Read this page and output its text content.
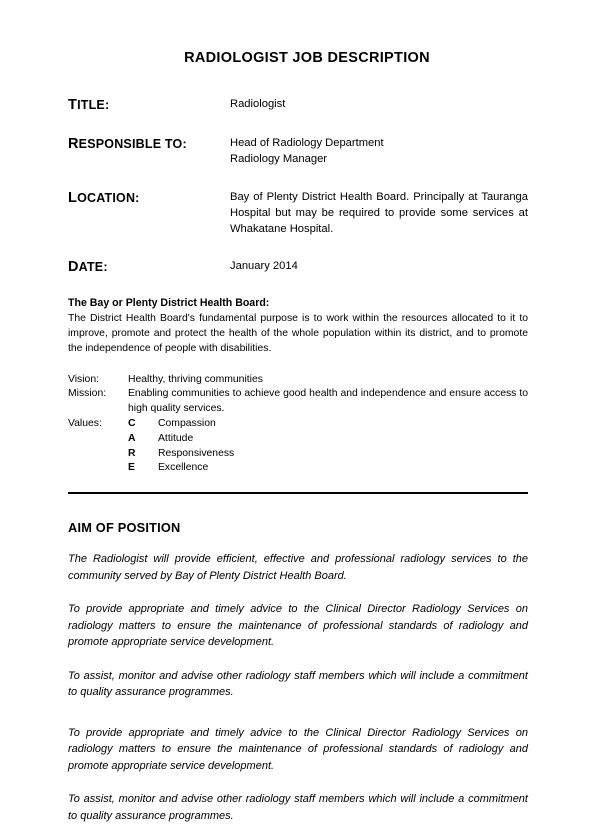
RADIOLOGIST JOB DESCRIPTION
TITLE:	Radiologist
RESPONSIBLE TO:	Head of Radiology Department
Radiology Manager
LOCATION:	Bay of Plenty District Health Board. Principally at Tauranga Hospital but may be required to provide some services at Whakatane Hospital.
DATE:	January 2014
The Bay or Plenty District Health Board:

The District Health Board's fundamental purpose is to work within the resources allocated to it to improve, promote and protect the health of the whole population within its district, and to promote the independence of people with disabilities.

Vision:	Healthy, thriving communities
Mission:	Enabling communities to achieve good health and independence and ensure access to high quality services.
Values:	C	Compassion
A	Attitude
R	Responsiveness
E	Excellence
AIM OF POSITION

The Radiologist will provide efficient, effective and professional radiology services to the community served by Bay of Plenty District Health Board.

To provide appropriate and timely advice to the Clinical Director Radiology Services on radiology matters to ensure the maintenance of professional standards of radiology and promote appropriate service development.

To assist, monitor and advise other radiology staff members which will include a commitment to quality assurance programmes.

To provide appropriate and timely advice to the Clinical Director Radiology Services on radiology matters to ensure the maintenance of professional standards of radiology and promote appropriate service development.

To assist, monitor and advise other radiology staff members which will include a commitment to quality assurance programmes.
